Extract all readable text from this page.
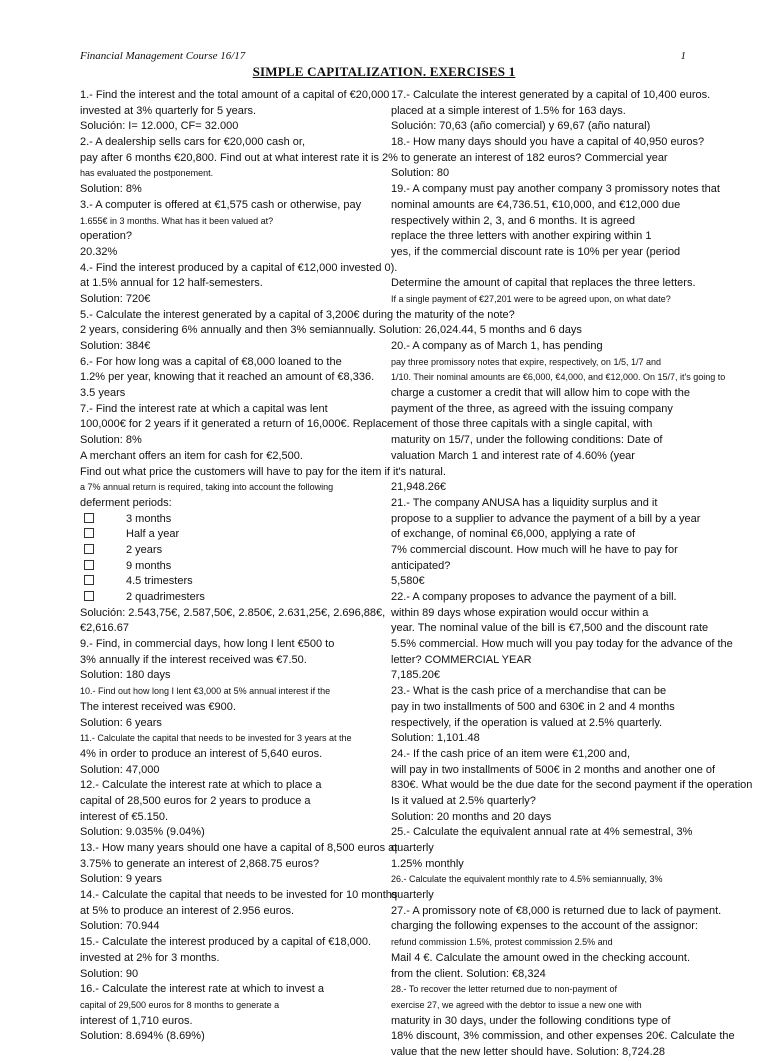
Financial Management Course 16/17	1
SIMPLE CAPITALIZATION. EXERCISES 1
1.- Find the interest and the total amount of a capital of €20,000
invested at 3% quarterly for 5 years.
Solución: I= 12.000, CF= 32.000
2.- A dealership sells cars for €20,000 cash or,
pay after 6 months €20,800. Find out at what interest rate it is 2% to generate an interest of 182 euros? Commercial year
has evaluated the postponement.
Solution: 8%
3.- A computer is offered at €1,575 cash or otherwise, pay
1.655€ in 3 months. What has it been valued at?
operation?
20.32%
4.- Find the interest produced by a capital of €12,000 invested 0).
at 1.5% annual for 12 half-semesters.
Solution: 720€
5.- Calculate the interest generated by a capital of 3,200€ during the maturity of the note?
2 years, considering 6% annually and then 3% semiannually. Solution: 26,024.44, 5 months and 6 days
Solution: 384€
6.- For how long was a capital of €8,000 loaned to the
1.2% per year, knowing that it reached an amount of €8,336.
3.5 years
7.- Find the interest rate at which a capital was lent
100,000€ for 2 years if it generated a return of 16,000€. Replacement of those three capitals with a single capital, with
Solution: 8%
A merchant offers an item for cash for €2,500.
Find out what price the customers will have to pay for the item if it's natural.
a 7% annual return is required, taking into account the following
deferment periods:
3 months
Half a year
2 years
9 months
4.5 trimesters
2 quadrimesters
Solución: 2.543,75€, 2.587,50€, 2.850€, 2.631,25€, 2.696,88€,
€2,616.67
9.- Find, in commercial days, how long I lent €500 to
3% annually if the interest received was €7.50.
Solution: 180 days
10.- Find out how long I lent €3,000 at 5% annual interest if the
The interest received was €900.
Solution: 6 years
11.- Calculate the capital that needs to be invested for 3 years at the
4% in order to produce an interest of 5,640 euros.
Solution: 47,000
12.- Calculate the interest rate at which to place a
capital of 28,500 euros for 2 years to produce a
interest of €5.150.
Solution: 9.035% (9.04%)
13.- How many years should one have a capital of 8,500 euros at
3.75% to generate an interest of 2,868.75 euros?
Solution: 9 years
14.- Calculate the capital that needs to be invested for 10 months
at 5% to produce an interest of 2.956 euros.
Solution: 70.944
15.- Calculate the interest produced by a capital of €18,000.
invested at 2% for 3 months.
Solution: 90
16.- Calculate the interest rate at which to invest a
capital of 29,500 euros for 8 months to generate a
interest of 1,710 euros.
Solution: 8.694% (8.69%)
17.- Calculate the interest generated by a capital of 10,400 euros.
placed at a simple interest of 1.5% for 163 days.
Solución: 70,63 (año comercial) y 69,67 (año natural)
18.- How many days should you have a capital of 40,950 euros?
Solution: 80
19.- A company must pay another company 3 promissory notes that
nominal amounts are €4,736.51, €10,000, and €12,000 due
respectively within 2, 3, and 6 months. It is agreed
replace the three letters with another expiring within 1
yes, if the commercial discount rate is 10% per year (period
Determine the amount of capital that replaces the three letters.
If a single payment of €27,201 were to be agreed upon, on what date?
20.- A company as of March 1, has pending
pay three promissory notes that expire, respectively, on 1/5, 1/7 and
1/10. Their nominal amounts are €6,000, €4,000, and €12,000. On 15/7, it's going to
charge a customer a credit that will allow him to cope with the
payment of the three, as agreed with the issuing company
maturity on 15/7, under the following conditions: Date of
valuation March 1 and interest rate of 4.60% (year
21,948.26€
21.- The company ANUSA has a liquidity surplus and it
propose to a supplier to advance the payment of a bill by a year
of exchange, of nominal €6,000, applying a rate of
7% commercial discount. How much will he have to pay for
anticipated?
5,580€
22.- A company proposes to advance the payment of a bill.
within 89 days whose expiration would occur within a
year. The nominal value of the bill is €7,500 and the discount rate
5.5% commercial. How much will you pay today for the advance of the
letter? COMMERCIAL YEAR
7,185.20€
23.- What is the cash price of a merchandise that can be
pay in two installments of 500 and 630€ in 2 and 4 months
respectively, if the operation is valued at 2.5% quarterly.
Solution: 1,101.48
24.- If the cash price of an item were €1,200 and,
will pay in two installments of 500€ in 2 months and another one of
830€. What would be the due date for the second payment if the operation
Is it valued at 2.5% quarterly?
Solution: 20 months and 20 days
25.- Calculate the equivalent annual rate at 4% semestral, 3%
quarterly
1.25% monthly
26.- Calculate the equivalent monthly rate to 4.5% semiannually, 3%
quarterly
27.- A promissory note of €8,000 is returned due to lack of payment.
charging the following expenses to the account of the assignor:
refund commission 1.5%, protest commission 2.5% and
Mail 4 €. Calculate the amount owed in the checking account.
from the client. Solution: €8,324
28.- To recover the letter returned due to non-payment of
exercise 27, we agreed with the debtor to issue a new one with
maturity in 30 days, under the following conditions type of
18% discount, 3% commission, and other expenses 20€. Calculate the
value that the new letter should have. Solution: 8,724.28
